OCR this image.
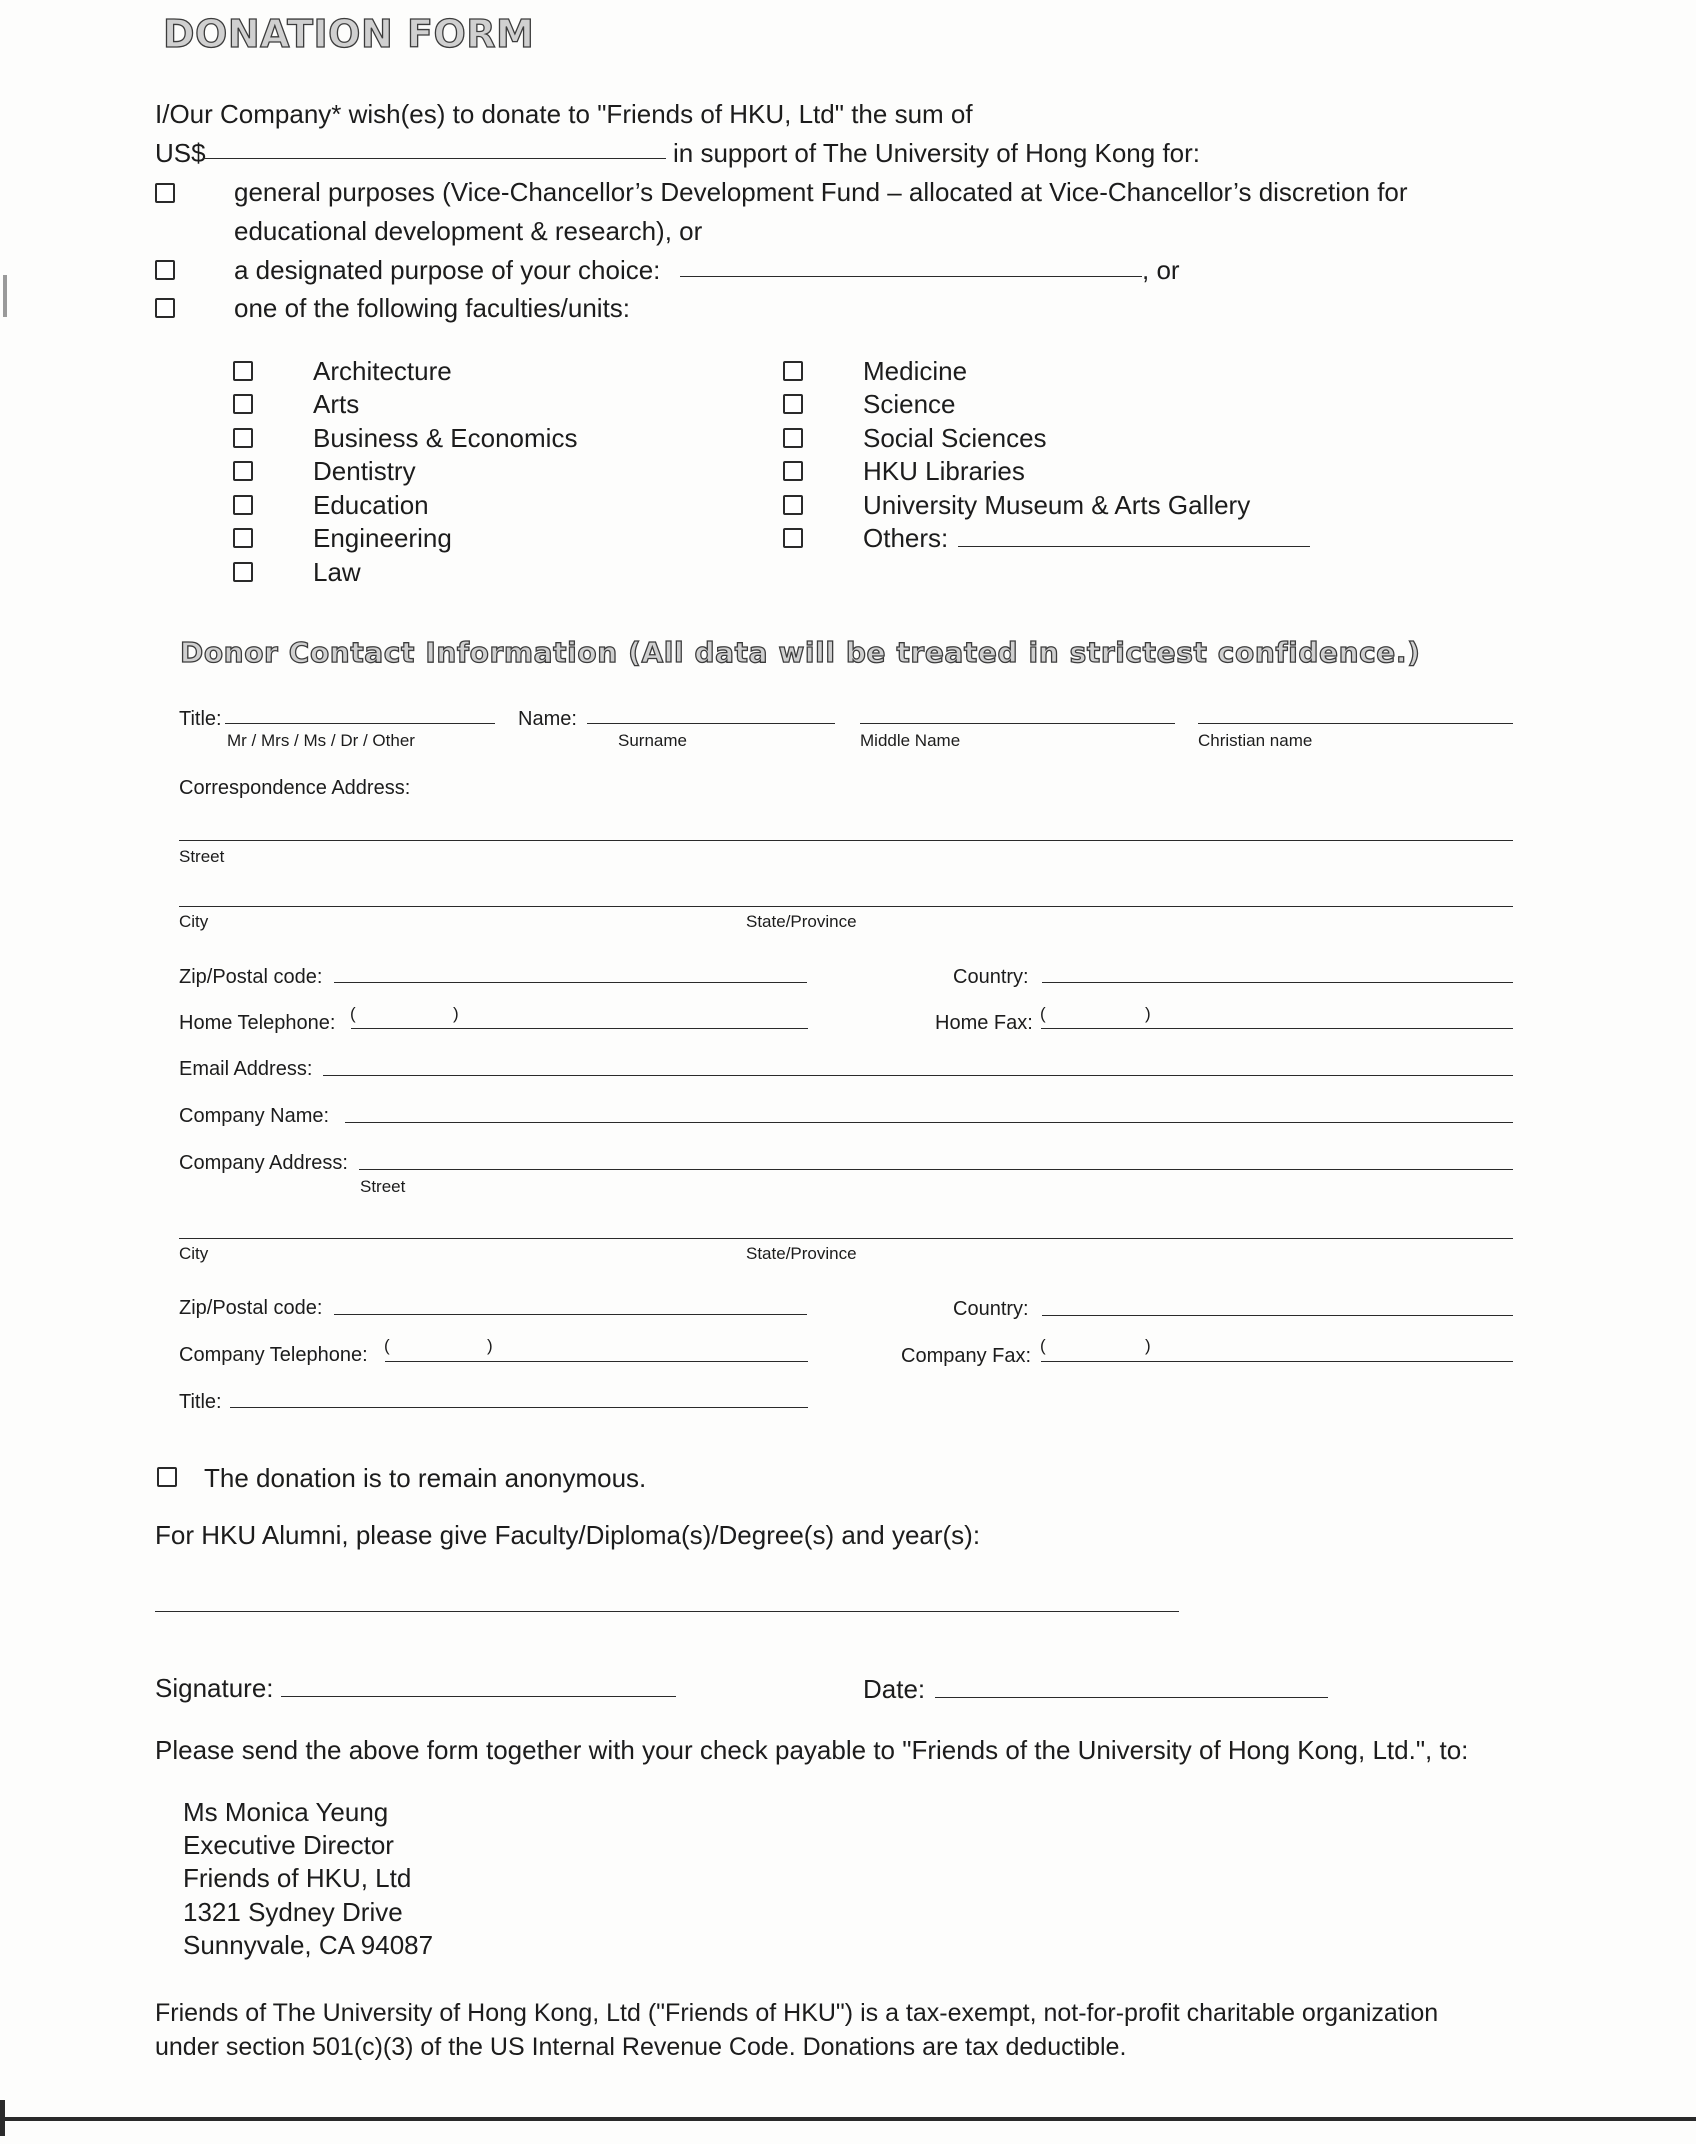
DONATION FORM
I/Our Company* wish(es) to donate to "Friends of HKU, Ltd" the sum of
US$	in support of The University of Hong Kong for:
general purposes (Vice-Chancellor’s Development Fund – allocated at Vice-Chancellor’s discretion for
educational development & research), or
a designated purpose of your choice:	, or
one of the following faculties/units:
Architecture
Arts
Business & Economics
Dentistry
Education
Engineering
Law
Medicine
Science
Social Sciences
HKU Libraries
University Museum & Arts Gallery
Others:
Donor Contact Information (All data will be treated in strictest confidence.)
Title:
Mr / Mrs / Ms / Dr / Other
Name:
Surname	Middle Name	Christian name
Correspondence Address:
Street
City	State/Province
Zip/Postal code:	Country:
Home Telephone: (	)	Home Fax: (	)
Email Address:
Company Name:
Company Address:
Street
City	State/Province
Zip/Postal code:	Country:
Company Telephone: (	)	Company Fax: (	)
Title:
The donation is to remain anonymous.
For HKU Alumni, please give Faculty/Diploma(s)/Degree(s) and year(s):
Signature:	Date:
Please send the above form together with your check payable to "Friends of the University of Hong Kong, Ltd.", to:
Ms Monica Yeung
Executive Director
Friends of HKU, Ltd
1321 Sydney Drive
Sunnyvale, CA 94087
Friends of The University of Hong Kong, Ltd ("Friends of HKU") is a tax-exempt, not-for-profit charitable organization
under section 501(c)(3) of the US Internal Revenue Code. Donations are tax deductible.
